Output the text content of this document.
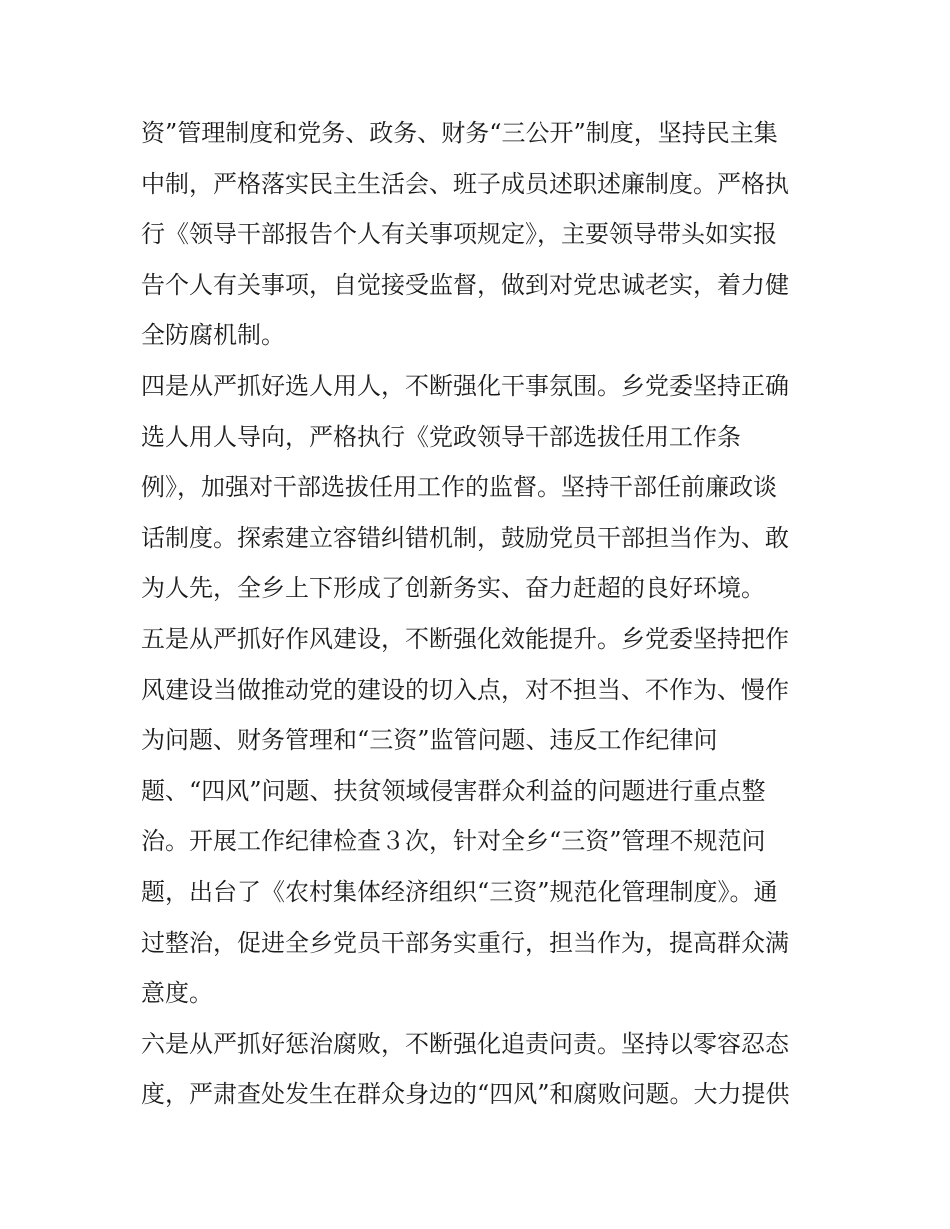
资”管理制度和党务、政务、财务“三公开”制度，坚持民主集
中制，严格落实民主生活会、班子成员述职述廉制度。严格执
行《领导干部报告个人有关事项规定》，主要领导带头如实报
告个人有关事项，自觉接受监督，做到对党忠诚老实，着力健
全防腐机制。
四是从严抓好选人用人，不断强化干事氛围。乡党委坚持正确
选人用人导向，严格执行《党政领导干部选拔任用工作条
例》，加强对干部选拔任用工作的监督。坚持干部任前廉政谈
话制度。探索建立容错纠错机制，鼓励党员干部担当作为、敢
为人先，全乡上下形成了创新务实、奋力赶超的良好环境。
五是从严抓好作风建设，不断强化效能提升。乡党委坚持把作
风建设当做推动党的建设的切入点，对不担当、不作为、慢作
为问题、财务管理和“三资”监管问题、违反工作纪律问
题、“四风”问题、扶贫领域侵害群众利益的问题进行重点整
治。开展工作纪律检查３次，针对全乡“三资”管理不规范问
题，出台了《农村集体经济组织“三资”规范化管理制度》。通
过整治，促进全乡党员干部务实重行，担当作为，提高群众满
意度。
六是从严抓好惩治腐败，不断强化追责问责。坚持以零容忍态
度，严肃查处发生在群众身边的“四风”和腐败问题。大力提供
